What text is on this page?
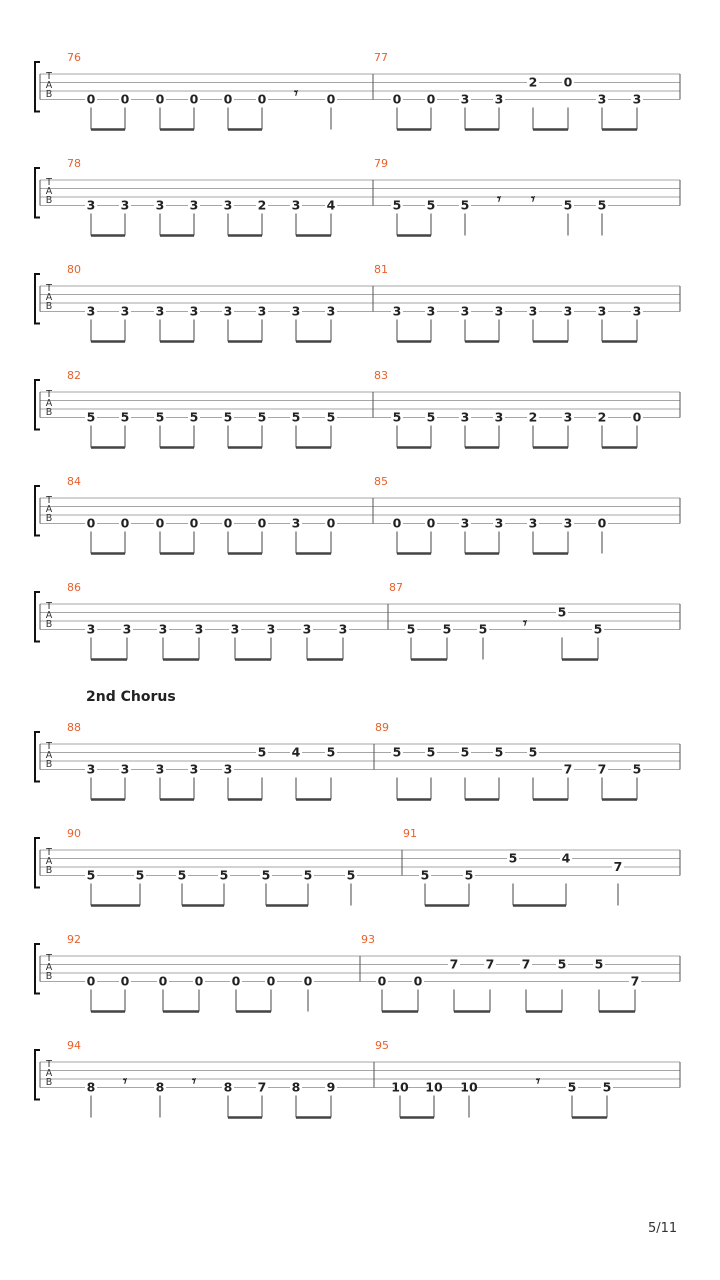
T
A
B
76
0 0 0 0 0 0 𝄾 0
77
0 0 3 3
2 0
3 3
T
A
B
78
3 3 3 3 3 2 3 4
79
5 5 5 𝄾 𝄾 5 5
T
A
B
80
3 3 3 3 3 3 3 3
81
3 3 3 3 3 3 3 3
T
A
B
82
5 5 5 5 5 5 5 5
83
5 5 3 3 2 3 2 0
T
A
B
84
0 0 0 0 0 0 3 0
85
0 0 3 3 3 3 0
T
A
B
86
3 3 3 3 3 3 3 3
87
5 5 5 𝄾
5
5
T
A
B
88
3 3 3 3 3
5 4 5
89
5 5 5 5 5
7 7 5
T
A
B
90
5	5	5	5	5	5	5
91
5	5
5	4
7
T
A
B
92
0 0 0 0 0 0 0
93
0 0
7 7 7 5 5
7
T
A
B
94
8 𝄾 8 𝄾 8 7 8 9
95
10 10 10	𝄾 5 5

2nd Chorus

5/11
